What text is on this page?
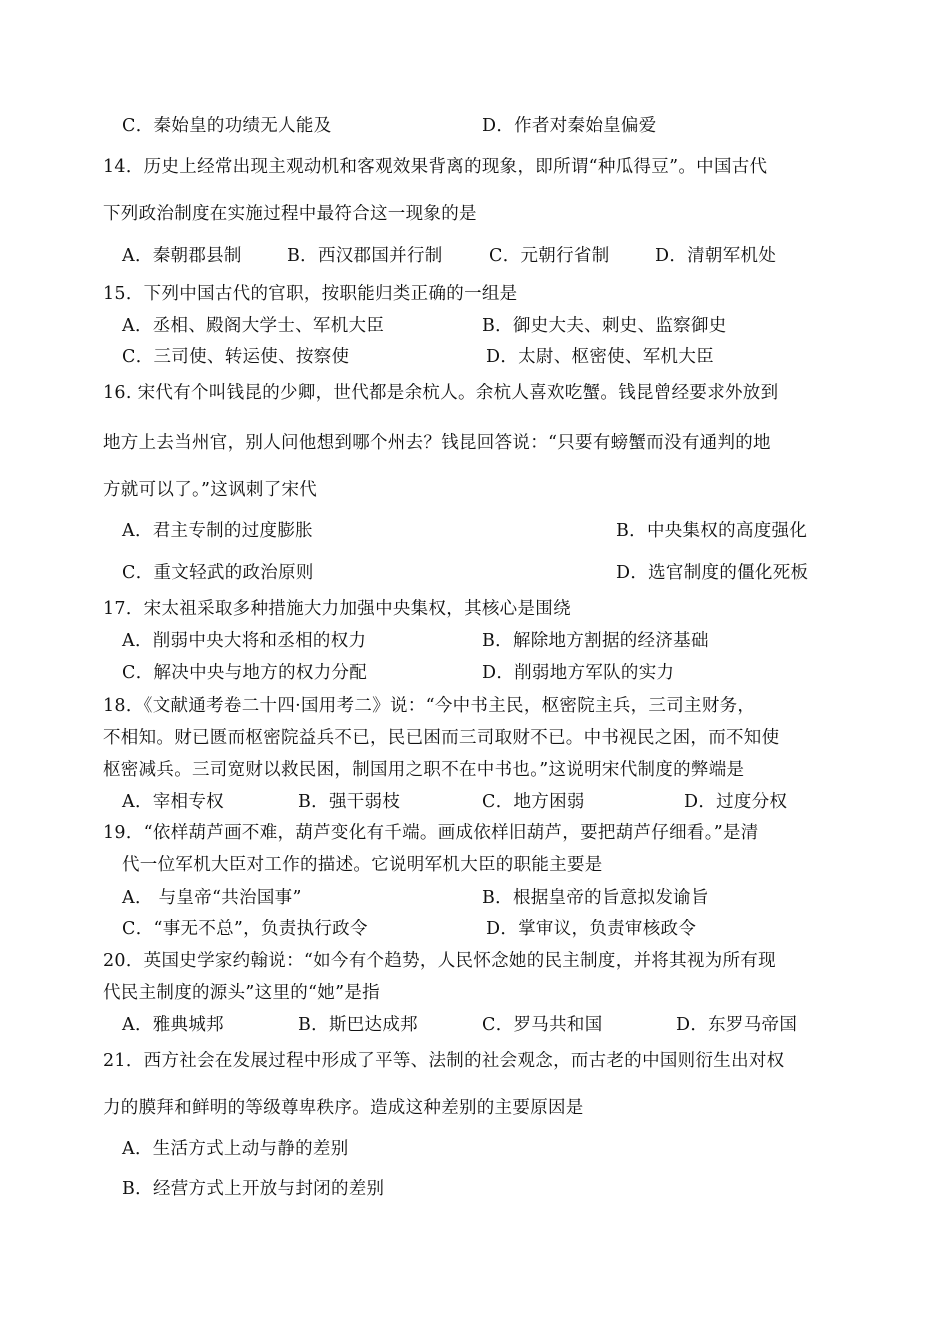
C．秦始皇的功绩无人能及	D．作者对秦始皇偏爱
14．历史上经常出现主观动机和客观效果背离的现象，即所谓“种瓜得豆”。中国古代
下列政治制度在实施过程中最符合这一现象的是
A．秦朝郡县制	B．西汉郡国并行制	C．元朝行省制	D．清朝军机处
15．下列中国古代的官职，按职能归类正确的一组是
A．丞相、殿阁大学士、军机大臣	B．御史大夫、刺史、监察御史
C．三司使、转运使、按察使	D．太尉、枢密使、军机大臣
16. 宋代有个叫钱昆的少卿，世代都是余杭人。余杭人喜欢吃蟹。钱昆曾经要求外放到
地方上去当州官，别人问他想到哪个州去？钱昆回答说：“只要有螃蟹而没有通判的地
方就可以了。”这讽刺了宋代
A．君主专制的过度膨胀	B．中央集权的高度强化
C．重文轻武的政治原则	D．选官制度的僵化死板
17．宋太祖采取多种措施大力加强中央集权，其核心是围绕
A．削弱中央大将和丞相的权力	B．解除地方割据的经济基础
C．解决中央与地方的权力分配	D．削弱地方军队的实力
18．《文献通考卷二十四·国用考二》说：“今中书主民，枢密院主兵，三司主财务，
不相知。财已匮而枢密院益兵不已，民已困而三司取财不已。中书视民之困，而不知使
枢密减兵。三司宽财以救民困，制国用之职不在中书也。”这说明宋代制度的弊端是
A．宰相专权	B．强干弱枝	C．地方困弱	D．过度分权
19．“依样葫芦画不难，葫芦变化有千端。画成依样旧葫芦，要把葫芦仔细看。”是清
代一位军机大臣对工作的描述。它说明军机大臣的职能主要是
A． 与皇帝“共治国事”	B．根据皇帝的旨意拟发谕旨
C．“事无不总”，负责执行政令	D．掌审议，负责审核政令
20．英国史学家约翰说：“如今有个趋势，人民怀念她的民主制度，并将其视为所有现
代民主制度的源头”这里的“她”是指
A．雅典城邦	B．斯巴达成邦	C．罗马共和国	D．东罗马帝国
21．西方社会在发展过程中形成了平等、法制的社会观念，而古老的中国则衍生出对权
力的膜拜和鲜明的等级尊卑秩序。造成这种差别的主要原因是
A．生活方式上动与静的差别
B．经营方式上开放与封闭的差别
